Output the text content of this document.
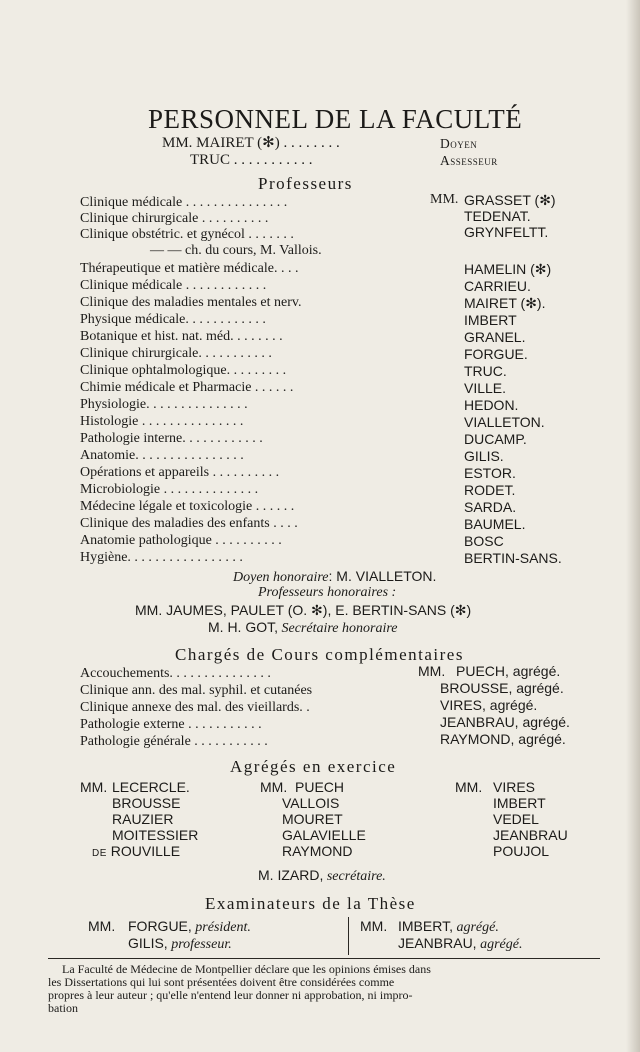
PERSONNEL DE LA FACULTÉ
MM. MAIRET (✻) . . . . . . . .	Doyen
TRUC . . . . . . . . . . .	Assesseur
Professeurs
MM.
Clinique médicale . . . . . . . . . . . . . . .
Clinique chirurgicale . . . . . . . . . .
Clinique obstétric. et gynécol . . . . . . .
— — ch. du cours, M. Vallois.
Thérapeutique et matière médicale. . . .
Clinique médicale . . . . . . . . . . . .
Clinique des maladies mentales et nerv.
Physique médicale. . . . . . . . . . . .
Botanique et hist. nat. méd. . . . . . . .
Clinique chirurgicale. . . . . . . . . . .
Clinique ophtalmologique. . . . . . . . .
Chimie médicale et Pharmacie . . . . . .
Physiologie. . . . . . . . . . . . . . .
Histologie . . . . . . . . . . . . . . .
Pathologie interne. . . . . . . . . . . .
Anatomie. . . . . . . . . . . . . . . .
Opérations et appareils . . . . . . . . . .
Microbiologie . . . . . . . . . . . . . .
Médecine légale et toxicologie . . . . . .
Clinique des maladies des enfants . . . .
Anatomie pathologique . . . . . . . . . .
Hygiène. . . . . . . . . . . . . . . . .
GRASSET (✻)
TEDENAT.
GRYNFELTT.
HAMELIN (✻)
CARRIEU.
MAIRET (✻).
IMBERT
GRANEL.
FORGUE.
TRUC.
VILLE.
HEDON.
VIALLETON.
DUCAMP.
GILIS.
ESTOR.
RODET.
SARDA.
BAUMEL.
BOSC
BERTIN-SANS.
Doyen honoraire: M. VIALLETON.
Professeurs honoraires :
MM. JAUMES, PAULET (O. ✻), E. BERTIN-SANS (✻)
M. H. GOT, Secrétaire honoraire
Chargés de Cours complémentaires
MM.
Accouchements. . . . . . . . . . . . . . .
Clinique ann. des mal. syphil. et cutanées
Clinique annexe des mal. des vieillards. .
Pathologie externe . . . . . . . . . . .
Pathologie générale . . . . . . . . . . .
PUECH, agrégé.
BROUSSE, agrégé.
VIRES, agrégé.
JEANBRAU, agrégé.
RAYMOND, agrégé.
Agrégés en exercice
MM. LECERCLE.
BROUSSE
RAUZIER
MOITESSIER
de ROUVILLE
MM. PUECH
VALLOIS
MOURET
GALAVIELLE
RAYMOND
MM. VIRES
IMBERT
VEDEL
JEANBRAU
POUJOL
M. IZARD, secrétaire.
Examinateurs de la Thèse
MM. FORGUE, président.
GILIS, professeur.
MM. IMBERT, agrégé.
JEANBRAU, agrégé.
La Faculté de Médecine de Montpellier déclare que les opinions émises dans
les Dissertations qui lui sont présentées doivent être considérées comme
propres à leur auteur ; qu'elle n'entend leur donner ni approbation, ni impro-
bation
